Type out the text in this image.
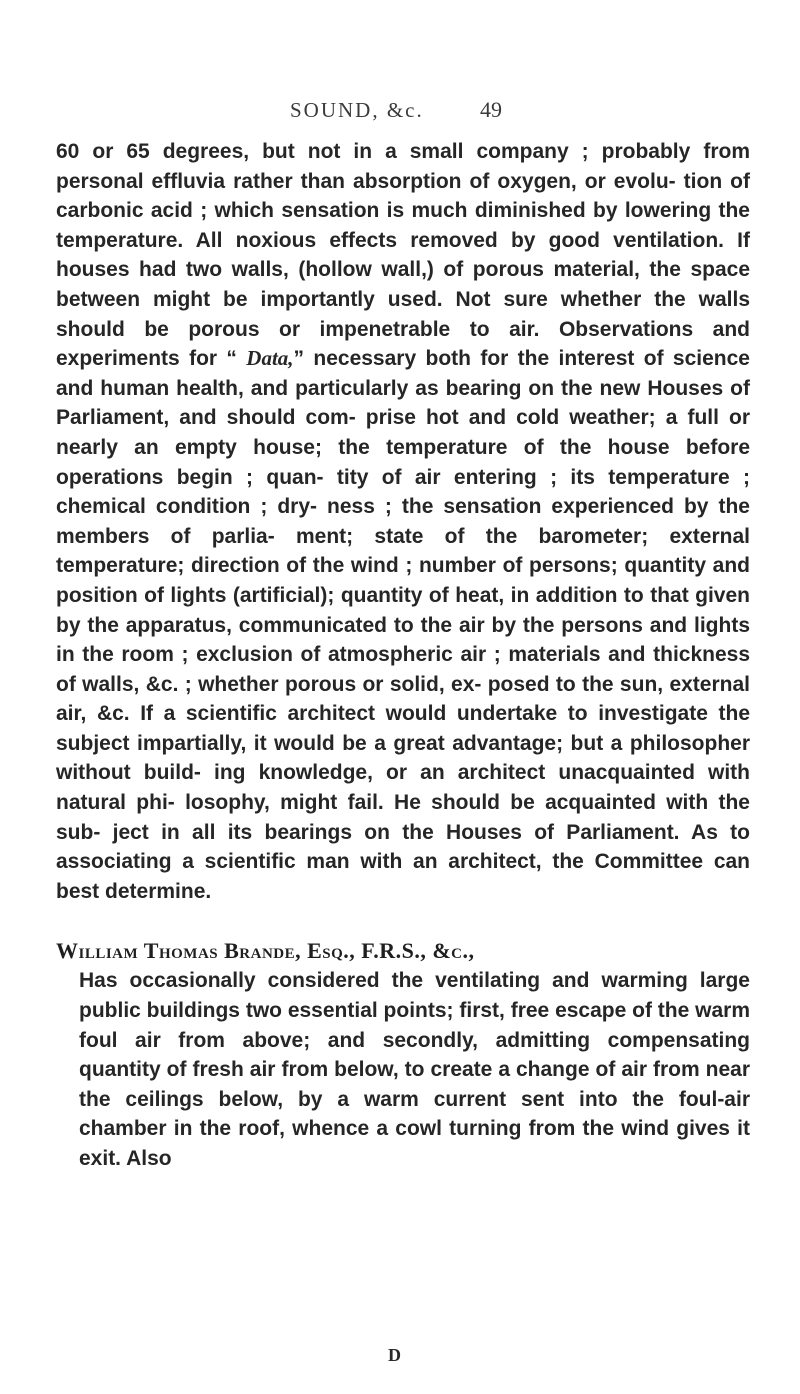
SOUND, &c.	49

60 or 65 degrees, but not in a small company ; probably from personal effluvia rather than absorption of oxygen, or evolu- tion of carbonic acid ; which sensation is much diminished by lowering the temperature. All noxious effects removed by good ventilation. If houses had two walls, (hollow wall,) of porous material, the space between might be importantly used. Not sure whether the walls should be porous or impenetrable to air. Observations and experiments for “ Data,” necessary both for the interest of science and human health, and particularly as bearing on the new Houses of Parliament, and should com- prise hot and cold weather; a full or nearly an empty house; the temperature of the house before operations begin ; quan- tity of air entering ; its temperature ; chemical condition ; dry- ness ; the sensation experienced by the members of parlia- ment; state of the barometer; external temperature; direction of the wind ; number of persons; quantity and position of lights (artificial); quantity of heat, in addition to that given by the apparatus, communicated to the air by the persons and lights in the room ; exclusion of atmospheric air ; materials and thickness of walls, &c. ; whether porous or solid, ex- posed to the sun, external air, &c. If a scientific architect would undertake to investigate the subject impartially, it would be a great advantage; but a philosopher without build- ing knowledge, or an architect unacquainted with natural phi- losophy, might fail. He should be acquainted with the sub- ject in all its bearings on the Houses of Parliament. As to associating a scientific man with an architect, the Committee can best determine.

William Thomas Brande, Esq., F.R.S., &c.,

Has occasionally considered the ventilating and warming large public buildings two essential points; first, free escape of the warm foul air from above; and secondly, admitting compensating quantity of fresh air from below, to create a change of air from near the ceilings below, by a warm current sent into the foul-air chamber in the roof, whence a cowl turning from the wind gives it exit. Also

D
